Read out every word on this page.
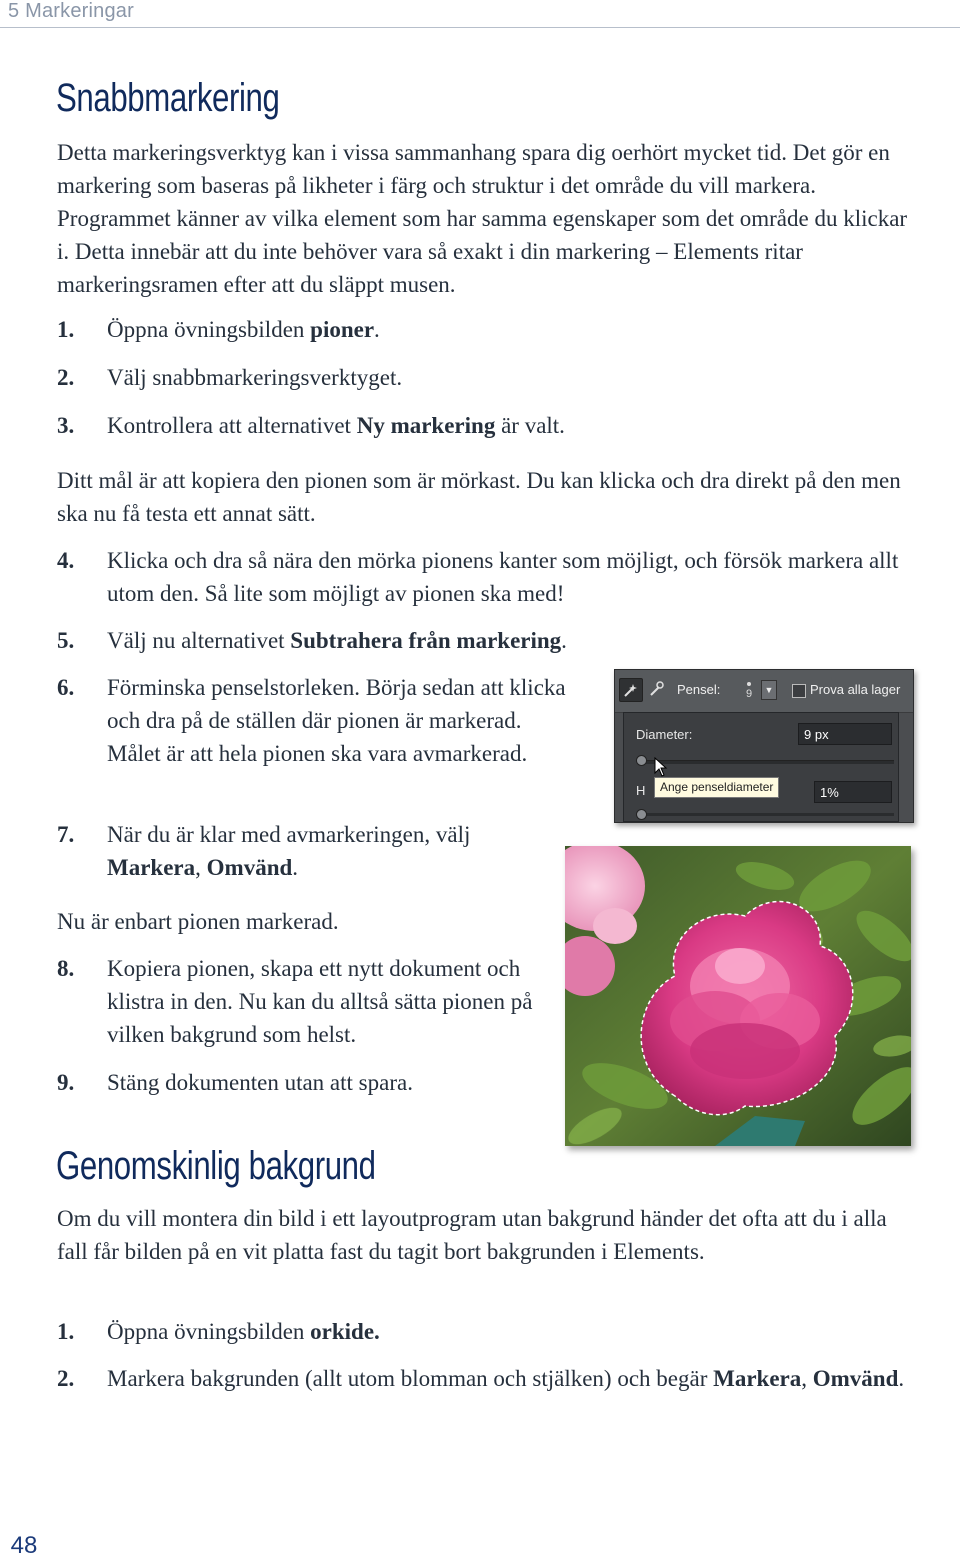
5 Markeringar
Snabbmarkering

Detta markeringsverktyg kan i vissa sammanhang spara dig oerhört mycket tid. Det gör en markering som baseras på likheter i färg och struktur i det område du vill markera. Programmet känner av vilka element som har samma egenskaper som det område du klickar i. Detta innebär att du inte behöver vara så exakt i din markering – Elements ritar markeringsramen efter att du släppt musen.

1. Öppna övningsbilden pioner.
2. Välj snabbmarkeringsverktyget.
3. Kontrollera att alternativet Ny markering är valt.

Ditt mål är att kopiera den pionen som är mörkast. Du kan klicka och dra direkt på den men ska nu få testa ett annat sätt.

4. Klicka och dra så nära den mörka pionens kanter som möjligt, och försök markera allt utom den. Så lite som möjligt av pionen ska med!
5. Välj nu alternativet Subtrahera från markering.
6. Förminska penselstorleken. Börja sedan att klicka och dra på de ställen där pionen är markerad. Målet är att hela pionen ska vara avmarkerad.
7. När du är klar med avmarkeringen, välj Markera, Omvänd.

Nu är enbart pionen markerad.

8. Kopiera pionen, skapa ett nytt dokument och klistra in den. Nu kan du alltså sätta pionen på vilken bakgrund som helst.
9. Stäng dokumenten utan att spara.
Pensel:	9	▼	Prova alla lager
Diameter:	9 px
H	1%
Ange penseldiameter
Genomskinlig bakgrund

Om du vill montera din bild i ett layoutprogram utan bakgrund händer det ofta att du i alla fall får bilden på en vit platta fast du tagit bort bakgrunden i Elements.

1. Öppna övningsbilden orkide.
2. Markera bakgrunden (allt utom blomman och stjälken) och begär Markera, Omvänd.
48
